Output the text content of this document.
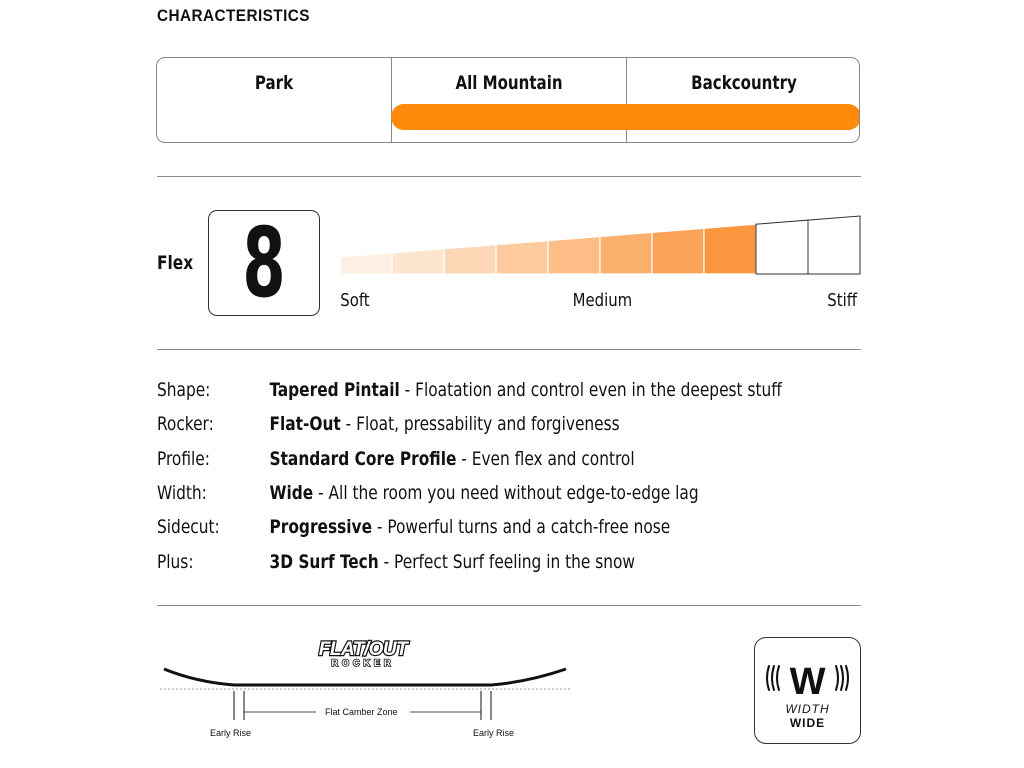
CHARACTERISTICS
Park	All Mountain	Backcountry
Flex 8	Soft	Medium	Stiff
Shape:	Tapered Pintail - Floatation and control even in the deepest stuff
Rocker:	Flat-Out - Float, pressability and forgiveness
Profile:	Standard Core Profile - Even flex and control
Width:	Wide - All the room you need without edge-to-edge lag
Sidecut:	Progressive - Powerful turns and a catch-free nose
Plus:	3D Surf Tech - Perfect Surf feeling in the snow
FLAT/OUT
ROCKER
Flat Camber Zone
Early Rise	Early Rise
W
WIDTH
WIDE
